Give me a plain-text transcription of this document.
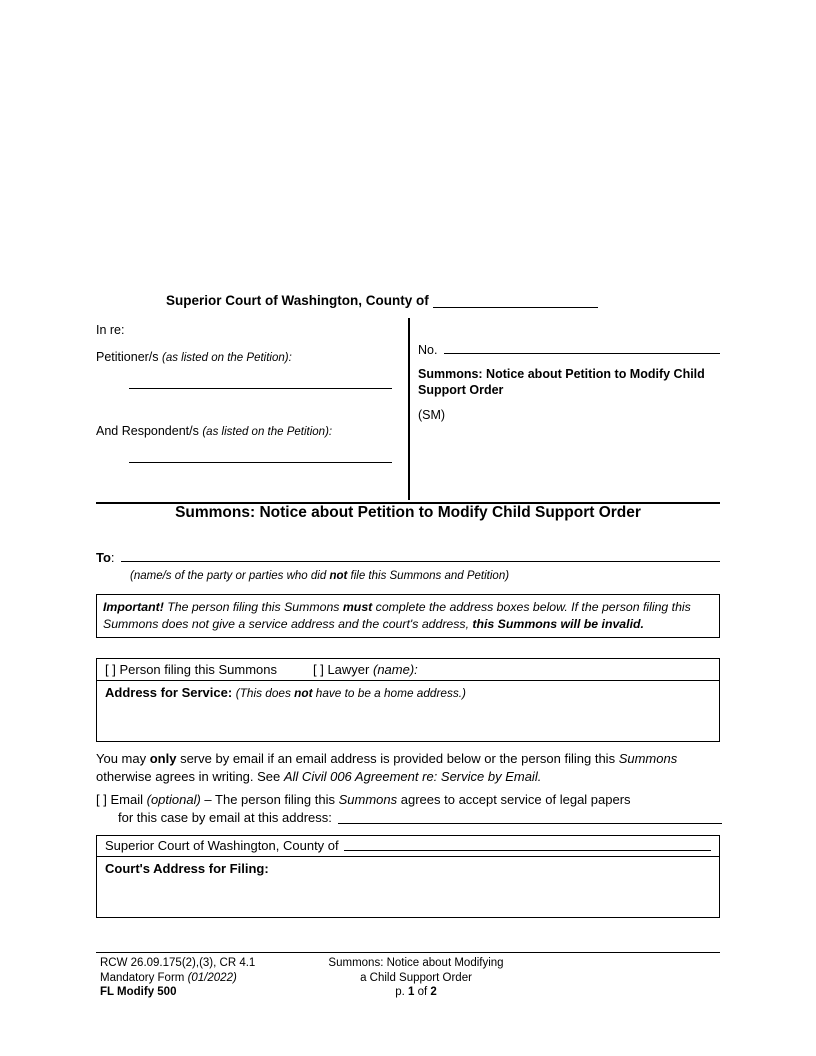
Superior Court of Washington, County of
In re:
Petitioner/s (as listed on the Petition):
And Respondent/s (as listed on the Petition):
No.
Summons: Notice about Petition to Modify Child Support Order
(SM)
Summons: Notice about Petition to Modify Child Support Order
To :
(name/s of the party or parties who did not file this Summons and Petition)
Important! The person filing this Summons must complete the address boxes below. If the person filing this Summons does not give a service address and the court's address, this Summons will be invalid.
[ ] Person filing this Summons	[ ] Lawyer (name):
Address for Service: (This does not have to be a home address.)
You may only serve by email if an email address is provided below or the person filing this Summons otherwise agrees in writing. See All Civil 006 Agreement re: Service by Email.
[ ] Email (optional) – The person filing this Summons agrees to accept service of legal papers
for this case by email at this address:
Superior Court of Washington, County of
Court's Address for Filing:
RCW 26.09.175(2),(3), CR 4.1
Mandatory Form (01/2022)
FL Modify 500
Summons: Notice about Modifying
a Child Support Order
p. 1 of 2
